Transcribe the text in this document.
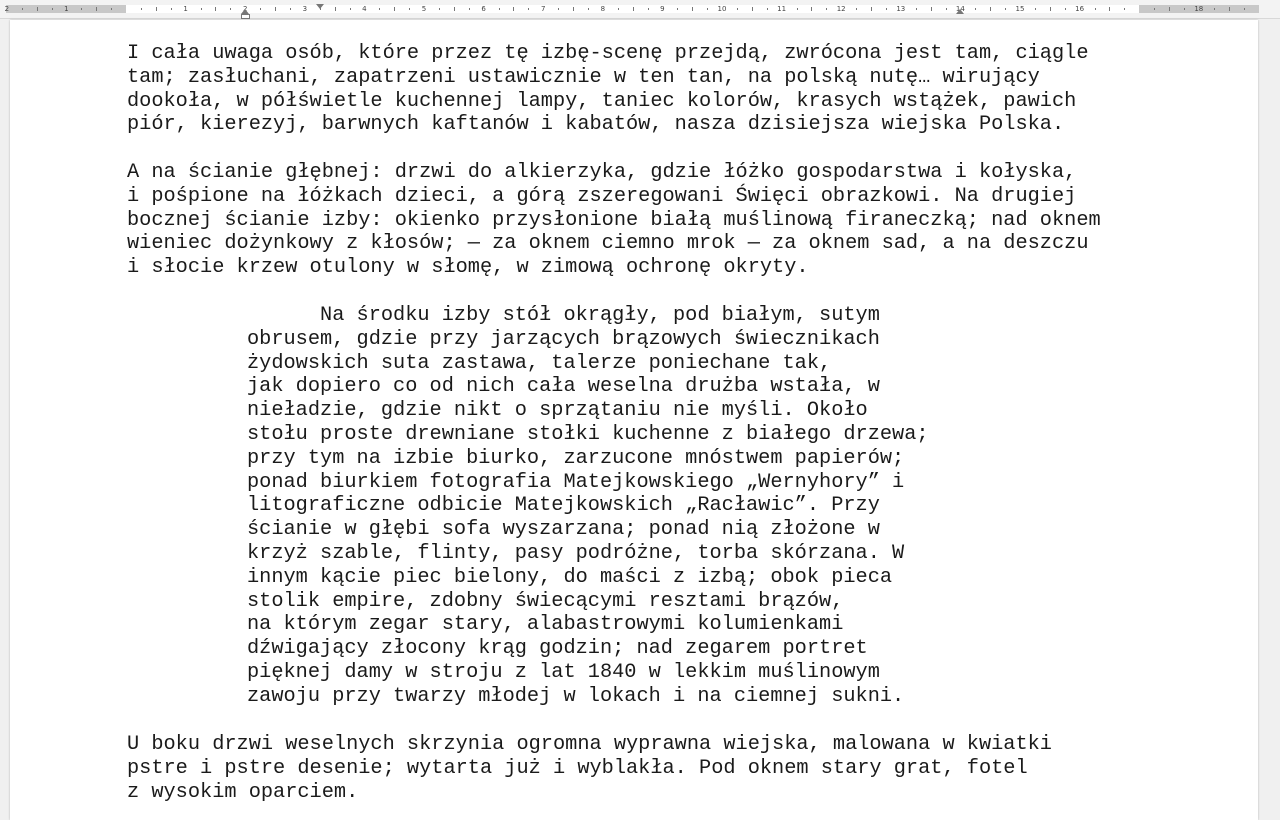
2	1	1	2	3	4	5	6	7	8	9	10	11	12	13	14	15	16	18
I cała uwaga osób, które przez tę izbę-scenę przejdą, zwrócona jest tam, ciągle
tam; zasłuchani, zapatrzeni ustawicznie w ten tan, na polską nutę… wirujący
dookoła, w półświetle kuchennej lampy, taniec kolorów, krasych wstążek, pawich
piór, kierezyj, barwnych kaftanów i kabatów, nasza dzisiejsza wiejska Polska.
A na ścianie głębnej: drzwi do alkierzyka, gdzie łóżko gospodarstwa i kołyska,
i pośpione na łóżkach dzieci, a górą zszeregowani Święci obrazkowi. Na drugiej
bocznej ścianie izby: okienko przysłonione białą muślinową firaneczką; nad oknem
wieniec dożynkowy z kłosów; — za oknem ciemno mrok — za oknem sad, a na deszczu
i słocie krzew otulony w słomę, w zimową ochronę okryty.
Na środku izby stół okrągły, pod białym, sutym
obrusem, gdzie przy jarzących brązowych świecznikach
żydowskich suta zastawa, talerze poniechane tak,
jak dopiero co od nich cała weselna drużba wstała, w
nieładzie, gdzie nikt o sprzątaniu nie myśli. Około
stołu proste drewniane stołki kuchenne z białego drzewa;
przy tym na izbie biurko, zarzucone mnóstwem papierów;
ponad biurkiem fotografia Matejkowskiego „Wernyhory” i
litograficzne odbicie Matejkowskich „Racławic”. Przy
ścianie w głębi sofa wyszarzana; ponad nią złożone w
krzyż szable, flinty, pasy podróżne, torba skórzana. W
innym kącie piec bielony, do maści z izbą; obok pieca
stolik empire, zdobny świecącymi resztami brązów,
na którym zegar stary, alabastrowymi kolumienkami
dźwigający złocony krąg godzin; nad zegarem portret
pięknej damy w stroju z lat 1840 w lekkim muślinowym
zawoju przy twarzy młodej w lokach i na ciemnej sukni.
U boku drzwi weselnych skrzynia ogromna wyprawna wiejska, malowana w kwiatki
pstre i pstre desenie; wytarta już i wyblakła. Pod oknem stary grat, fotel
z wysokim oparciem.
